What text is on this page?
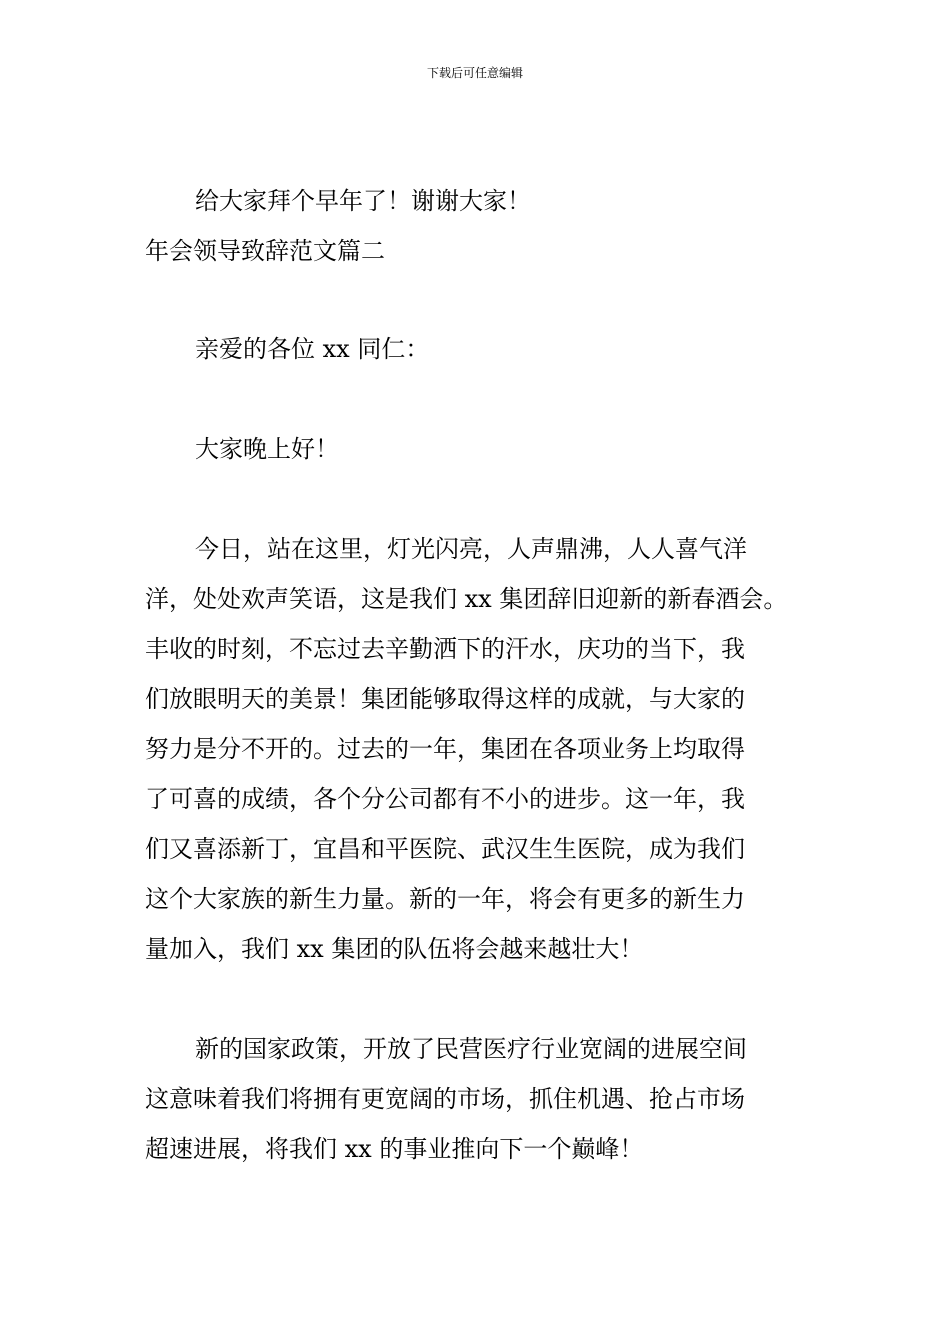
下载后可任意编辑

给大家拜个早年了！谢谢大家！

年会领导致辞范文篇二

亲爱的各位 xx 同仁：

大家晚上好！

今日，站在这里，灯光闪亮，人声鼎沸，人人喜气洋

洋，处处欢声笑语，这是我们 xx 集团辞旧迎新的新春酒会。

丰收的时刻，不忘过去辛勤洒下的汗水，庆功的当下，我

们放眼明天的美景！集团能够取得这样的成就，与大家的

努力是分不开的。过去的一年，集团在各项业务上均取得

了可喜的成绩，各个分公司都有不小的进步。这一年，我

们又喜添新丁，宜昌和平医院、武汉生生医院，成为我们

这个大家族的新生力量。新的一年，将会有更多的新生力

量加入，我们 xx 集团的队伍将会越来越壮大！

新的国家政策，开放了民营医疗行业宽阔的进展空间

这意味着我们将拥有更宽阔的市场，抓住机遇、抢占市场

超速进展，将我们 xx 的事业推向下一个巅峰！
